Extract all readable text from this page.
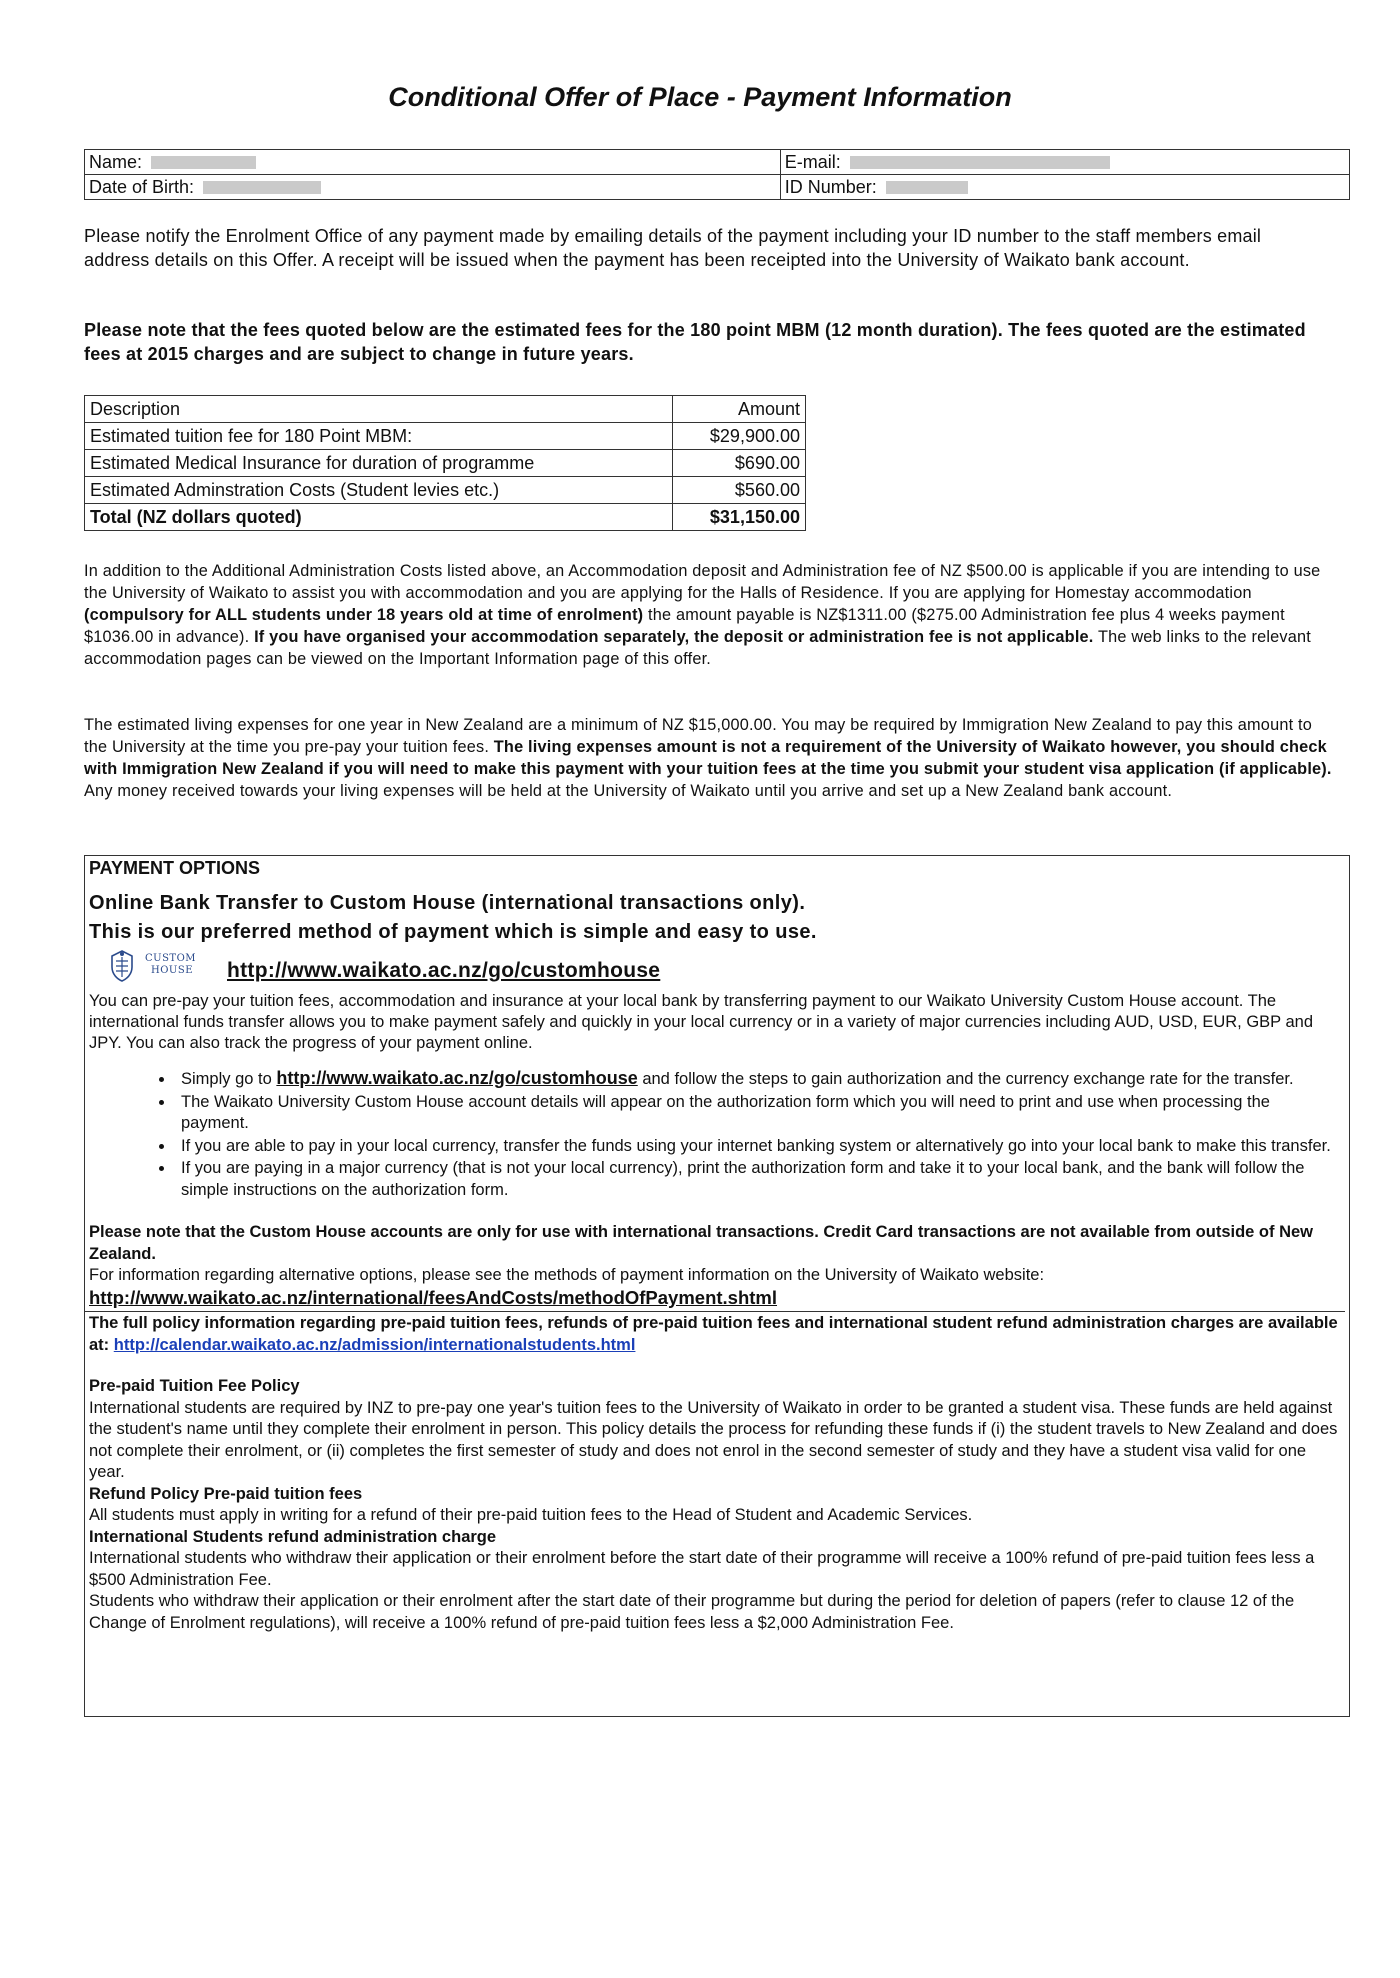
Conditional Offer of Place - Payment Information
Name:	E-mail:
Date of Birth:	ID Number:
Please notify the Enrolment Office of any payment made by emailing details of the payment including your ID number to the staff members email address details on this Offer. A receipt will be issued when the payment has been receipted into the University of Waikato bank account.
Please note that the fees quoted below are the estimated fees for the 180 point MBM (12 month duration). The fees quoted are the estimated fees at 2015 charges and are subject to change in future years.
Description	Amount
Estimated tuition fee for 180 Point MBM:	$29,900.00
Estimated Medical Insurance for duration of programme	$690.00
Estimated Adminstration Costs (Student levies etc.)	$560.00
Total (NZ dollars quoted)	$31,150.00
In addition to the Additional Administration Costs listed above, an Accommodation deposit and Administration fee of NZ $500.00 is applicable if you are intending to use the University of Waikato to assist you with accommodation and you are applying for the Halls of Residence. If you are applying for Homestay accommodation (compulsory for ALL students under 18 years old at time of enrolment) the amount payable is NZ$1311.00 ($275.00 Administration fee plus 4 weeks payment $1036.00 in advance). If you have organised your accommodation separately, the deposit or administration fee is not applicable. The web links to the relevant accommodation pages can be viewed on the Important Information page of this offer.
The estimated living expenses for one year in New Zealand are a minimum of NZ $15,000.00. You may be required by Immigration New Zealand to pay this amount to the University at the time you pre-pay your tuition fees. The living expenses amount is not a requirement of the University of Waikato however, you should check with Immigration New Zealand if you will need to make this payment with your tuition fees at the time you submit your student visa application (if applicable). Any money received towards your living expenses will be held at the University of Waikato until you arrive and set up a New Zealand bank account.
PAYMENT OPTIONS
Online Bank Transfer to Custom House (international transactions only).
This is our preferred method of payment which is simple and easy to use.
CUSTOM
HOUSE http://www.waikato.ac.nz/go/customhouse
You can pre-pay your tuition fees, accommodation and insurance at your local bank by transferring payment to our Waikato University Custom House account. The international funds transfer allows you to make payment safely and quickly in your local currency or in a variety of major currencies including AUD, USD, EUR, GBP and JPY. You can also track the progress of your payment online.
• Simply go to http://www.waikato.ac.nz/go/customhouse and follow the steps to gain authorization and the currency exchange rate for the transfer.
• The Waikato University Custom House account details will appear on the authorization form which you will need to print and use when processing the payment.
• If you are able to pay in your local currency, transfer the funds using your internet banking system or alternatively go into your local bank to make this transfer.
• If you are paying in a major currency (that is not your local currency), print the authorization form and take it to your local bank, and the bank will follow the simple instructions on the authorization form.
Please note that the Custom House accounts are only for use with international transactions. Credit Card transactions are not available from outside of New Zealand.
For information regarding alternative options, please see the methods of payment information on the University of Waikato website:
http://www.waikato.ac.nz/international/feesAndCosts/methodOfPayment.shtml
The full policy information regarding pre-paid tuition fees, refunds of pre-paid tuition fees and international student refund administration charges are available at: http://calendar.waikato.ac.nz/admission/internationalstudents.html
Pre-paid Tuition Fee Policy
International students are required by INZ to pre-pay one year's tuition fees to the University of Waikato in order to be granted a student visa. These funds are held against the student's name until they complete their enrolment in person. This policy details the process for refunding these funds if (i) the student travels to New Zealand and does not complete their enrolment, or (ii) completes the first semester of study and does not enrol in the second semester of study and they have a student visa valid for one year.
Refund Policy Pre-paid tuition fees
All students must apply in writing for a refund of their pre-paid tuition fees to the Head of Student and Academic Services.
International Students refund administration charge
International students who withdraw their application or their enrolment before the start date of their programme will receive a 100% refund of pre-paid tuition fees less a $500 Administration Fee.
Students who withdraw their application or their enrolment after the start date of their programme but during the period for deletion of papers (refer to clause 12 of the Change of Enrolment regulations), will receive a 100% refund of pre-paid tuition fees less a $2,000 Administration Fee.
